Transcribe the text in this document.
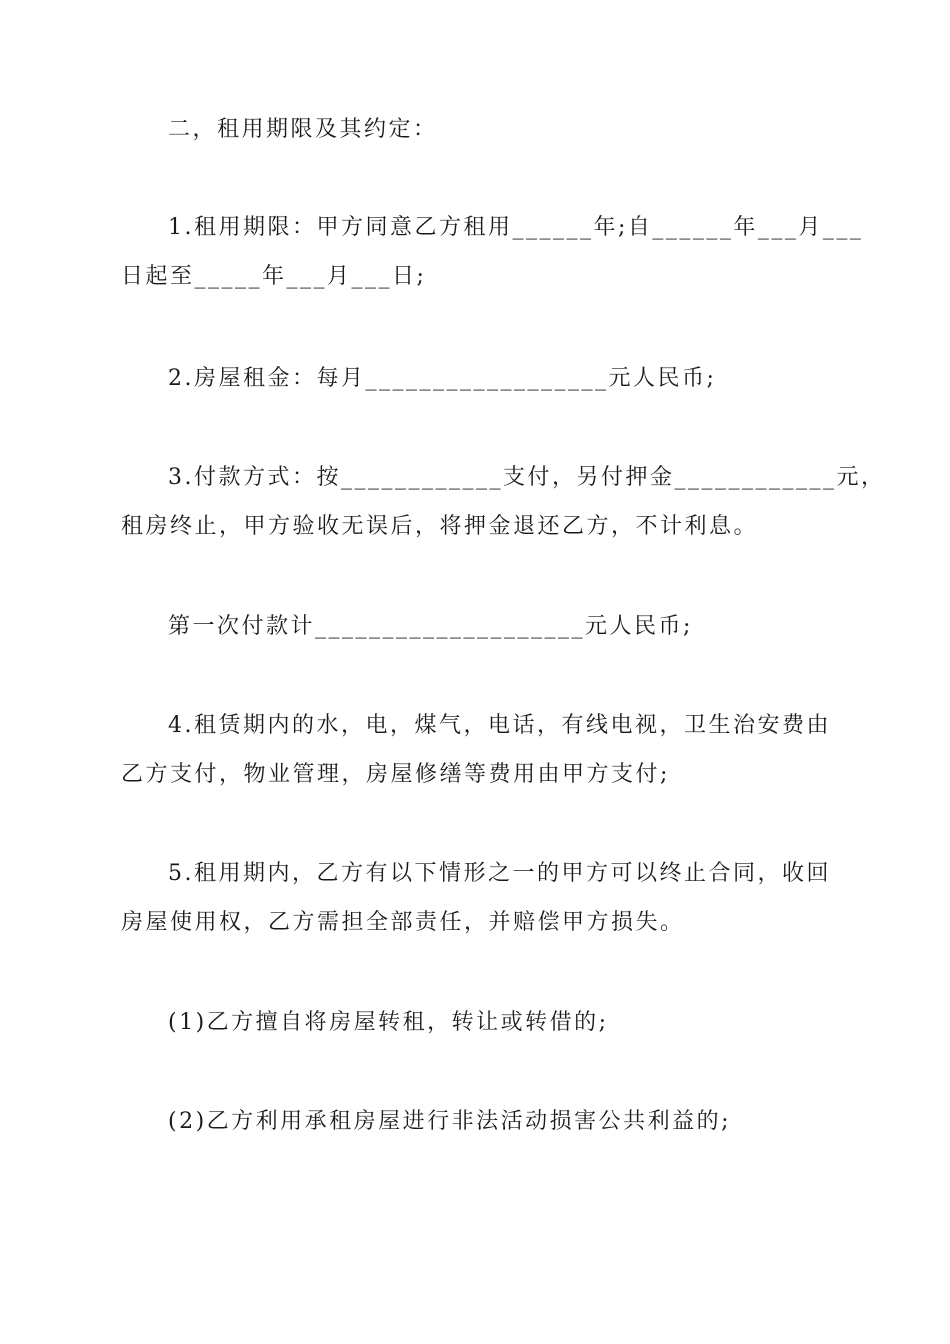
二，租用期限及其约定：
1.租用期限：甲方同意乙方租用______年;自______年___月___
日起至_____年___月___日;
2.房屋租金：每月__________________元人民币;
3.付款方式：按____________支付，另付押金____________元，
租房终止，甲方验收无误后，将押金退还乙方，不计利息。
第一次付款计____________________元人民币;
4.租赁期内的水，电，煤气，电话，有线电视，卫生治安费由
乙方支付，物业管理，房屋修缮等费用由甲方支付;
5.租用期内，乙方有以下情形之一的甲方可以终止合同，收回
房屋使用权，乙方需担全部责任，并赔偿甲方损失。
(1)乙方擅自将房屋转租，转让或转借的;
(2)乙方利用承租房屋进行非法活动损害公共利益的;
